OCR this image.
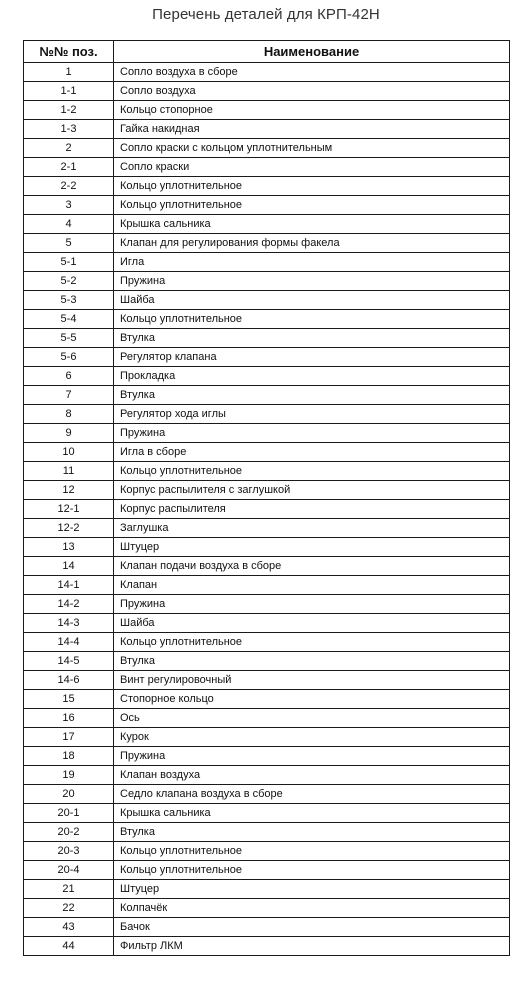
Перечень деталей для КРП-42Н
№№ поз.	Наименование
1	Сопло воздуха в сборе
1-1	Сопло воздуха
1-2	Кольцо стопорное
1-3	Гайка накидная
2	Сопло краски с кольцом уплотнительным
2-1	Сопло краски
2-2	Кольцо уплотнительное
3	Кольцо уплотнительное
4	Крышка сальника
5	Клапан для регулирования формы факела
5-1	Игла
5-2	Пружина
5-3	Шайба
5-4	Кольцо уплотнительное
5-5	Втулка
5-6	Регулятор клапана
6	Прокладка
7	Втулка
8	Регулятор хода иглы
9	Пружина
10	Игла в сборе
11	Кольцо уплотнительное
12	Корпус распылителя с заглушкой
12-1	Корпус распылителя
12-2	Заглушка
13	Штуцер
14	Клапан подачи воздуха в сборе
14-1	Клапан
14-2	Пружина
14-3	Шайба
14-4	Кольцо уплотнительное
14-5	Втулка
14-6	Винт регулировочный
15	Стопорное кольцо
16	Ось
17	Курок
18	Пружина
19	Клапан воздуха
20	Седло клапана воздуха в сборе
20-1	Крышка сальника
20-2	Втулка
20-3	Кольцо уплотнительное
20-4	Кольцо уплотнительное
21	Штуцер
22	Колпачёк
43	Бачок
44	Фильтр ЛКМ
